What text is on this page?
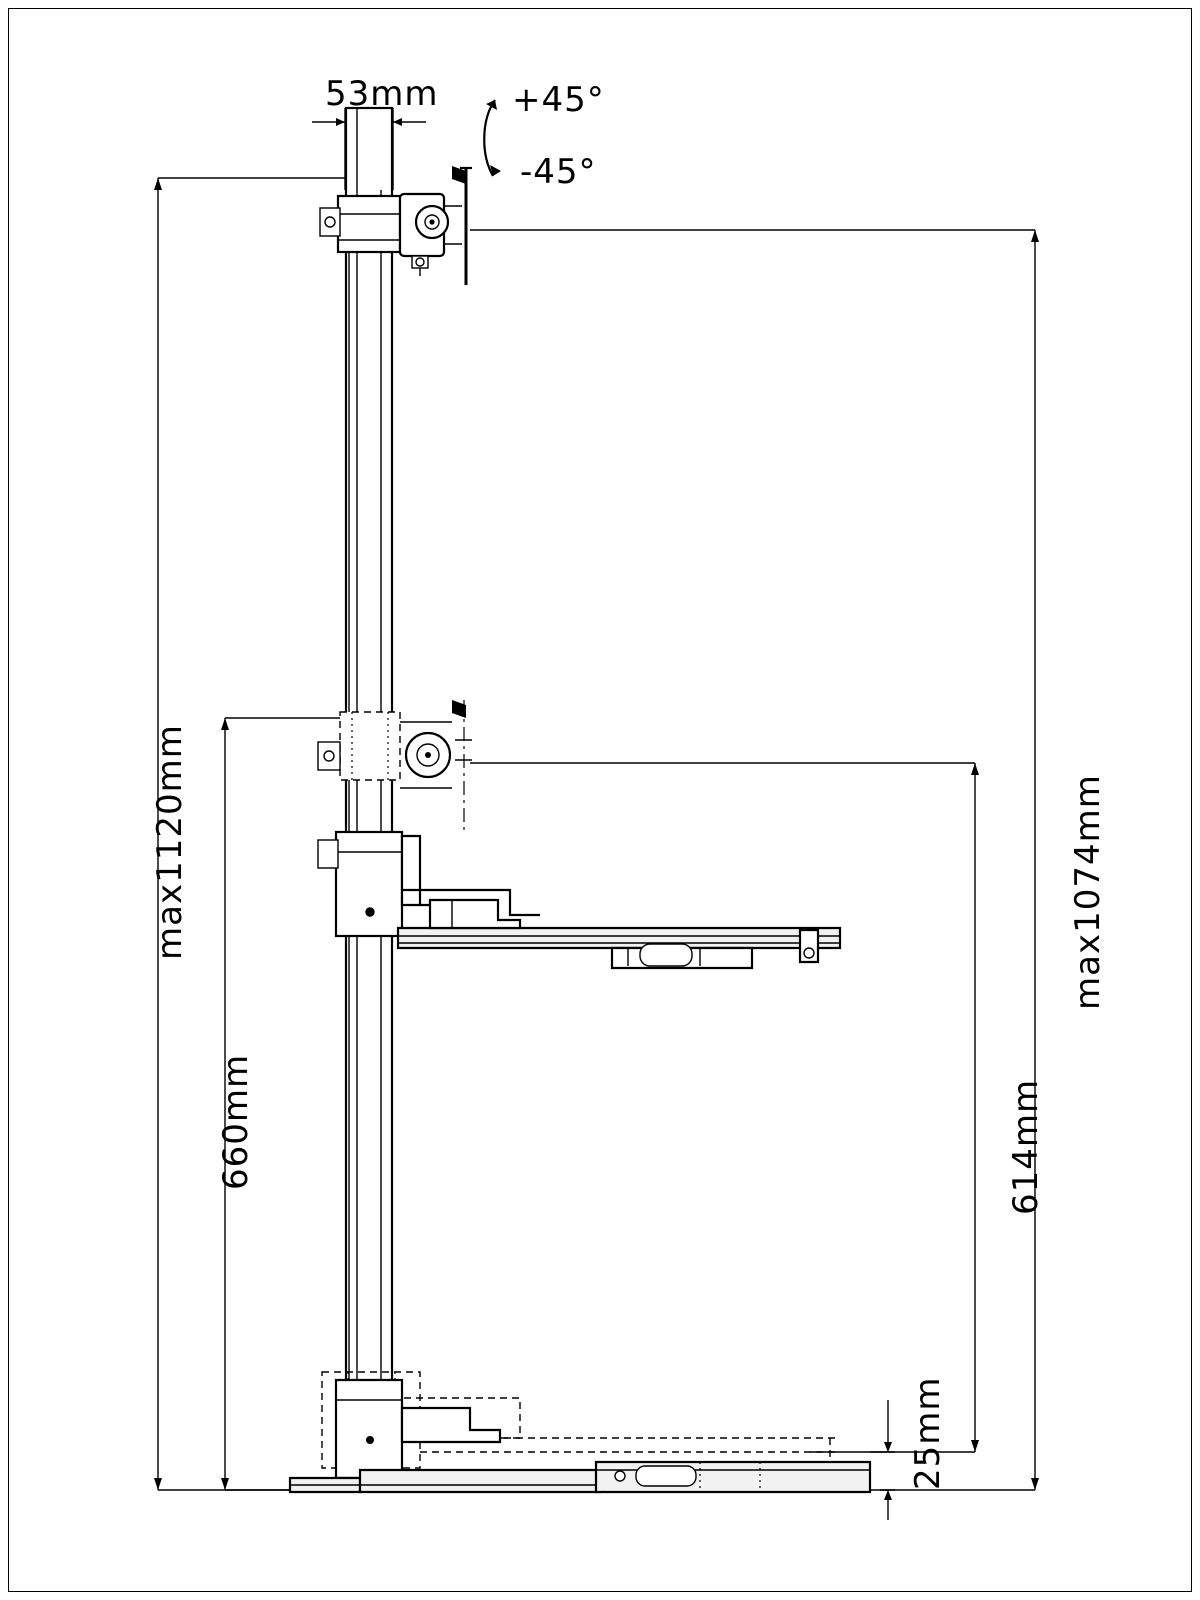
53mm +45°
-45°
max1120mm
660mm
max1074mm
614mm
25mm
